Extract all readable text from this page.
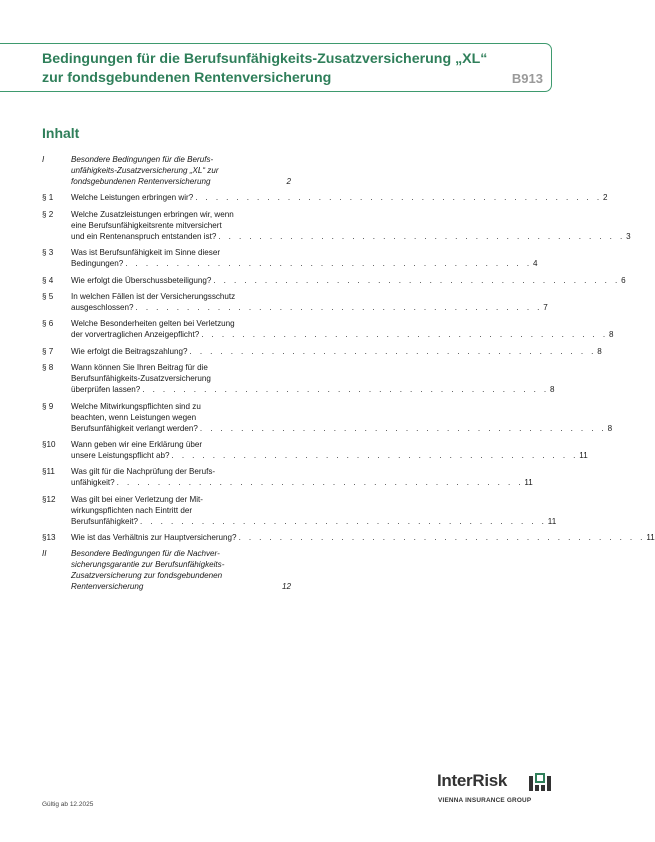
Bedingungen für die Berufsunfähigkeits-Zusatzversicherung „XL“
zur fondsgebundenen Rentenversicherung	B913
Inhalt
I	Besondere Bedingungen für die Berufs-
unfähigkeits-Zusatzversicherung „XL“ zur
fondsgebundenen Rentenversicherung	2
§ 1	Welche Leistungen erbringen wir? . . . . . . . . . . . . . . . . . . . . . . . . . . . . . . . . . . . . . . . . 2
§ 2	Welche Zusatzleistungen erbringen wir, wenn
eine Berufsunfähigkeitsrente mitversichert
und ein Rentenanspruch entstanden ist? . . . . . . . . . . . . . . . . . . . . . . . . . . . . . . . . . . . . . . . . 3
§ 3	Was ist Berufsunfähigkeit im Sinne dieser
Bedingungen? . . . . . . . . . . . . . . . . . . . . . . . . . . . . . . . . . . . . . . . . 4
§ 4	Wie erfolgt die Überschussbeteiligung? . . . . . . . . . . . . . . . . . . . . . . . . . . . . . . . . . . . . . . . . 6
§ 5	In welchen Fällen ist der Versicherungsschutz
ausgeschlossen? . . . . . . . . . . . . . . . . . . . . . . . . . . . . . . . . . . . . . . . . 7
§ 6	Welche Besonderheiten gelten bei Verletzung
der vorvertraglichen Anzeigepflicht? . . . . . . . . . . . . . . . . . . . . . . . . . . . . . . . . . . . . . . . . 8
§ 7	Wie erfolgt die Beitragszahlung? . . . . . . . . . . . . . . . . . . . . . . . . . . . . . . . . . . . . . . . . 8
§ 8	Wann können Sie Ihren Beitrag für die
Berufsunfähigkeits-Zusatzversicherung
überprüfen lassen? . . . . . . . . . . . . . . . . . . . . . . . . . . . . . . . . . . . . . . . . 8
§ 9	Welche Mitwirkungspflichten sind zu
beachten, wenn Leistungen wegen
Berufsunfähigkeit verlangt werden? . . . . . . . . . . . . . . . . . . . . . . . . . . . . . . . . . . . . . . . . 8
§10	Wann geben wir eine Erklärung über
unsere Leistungspflicht ab? . . . . . . . . . . . . . . . . . . . . . . . . . . . . . . . . . . . . . . . . 11
§11	Was gilt für die Nachprüfung der Berufs-
unfähigkeit? . . . . . . . . . . . . . . . . . . . . . . . . . . . . . . . . . . . . . . . . 11
§12	Was gilt bei einer Verletzung der Mit-
wirkungspflichten nach Eintritt der
Berufsunfähigkeit? . . . . . . . . . . . . . . . . . . . . . . . . . . . . . . . . . . . . . . . . 11
§13	Wie ist das Verhältnis zur Hauptversicherung? . . . . . . . . . . . . . . . . . . . . . . . . . . . . . . . . . . . . . . . . 11
II	Besondere Bedingungen für die Nachver-
sicherungsgarantie zur Berufsunfähigkeits-
Zusatzversicherung zur fondsgebundenen
Rentenversicherung	12
Gültig ab 12.2025
InterRisk
VIENNA INSURANCE GROUP
